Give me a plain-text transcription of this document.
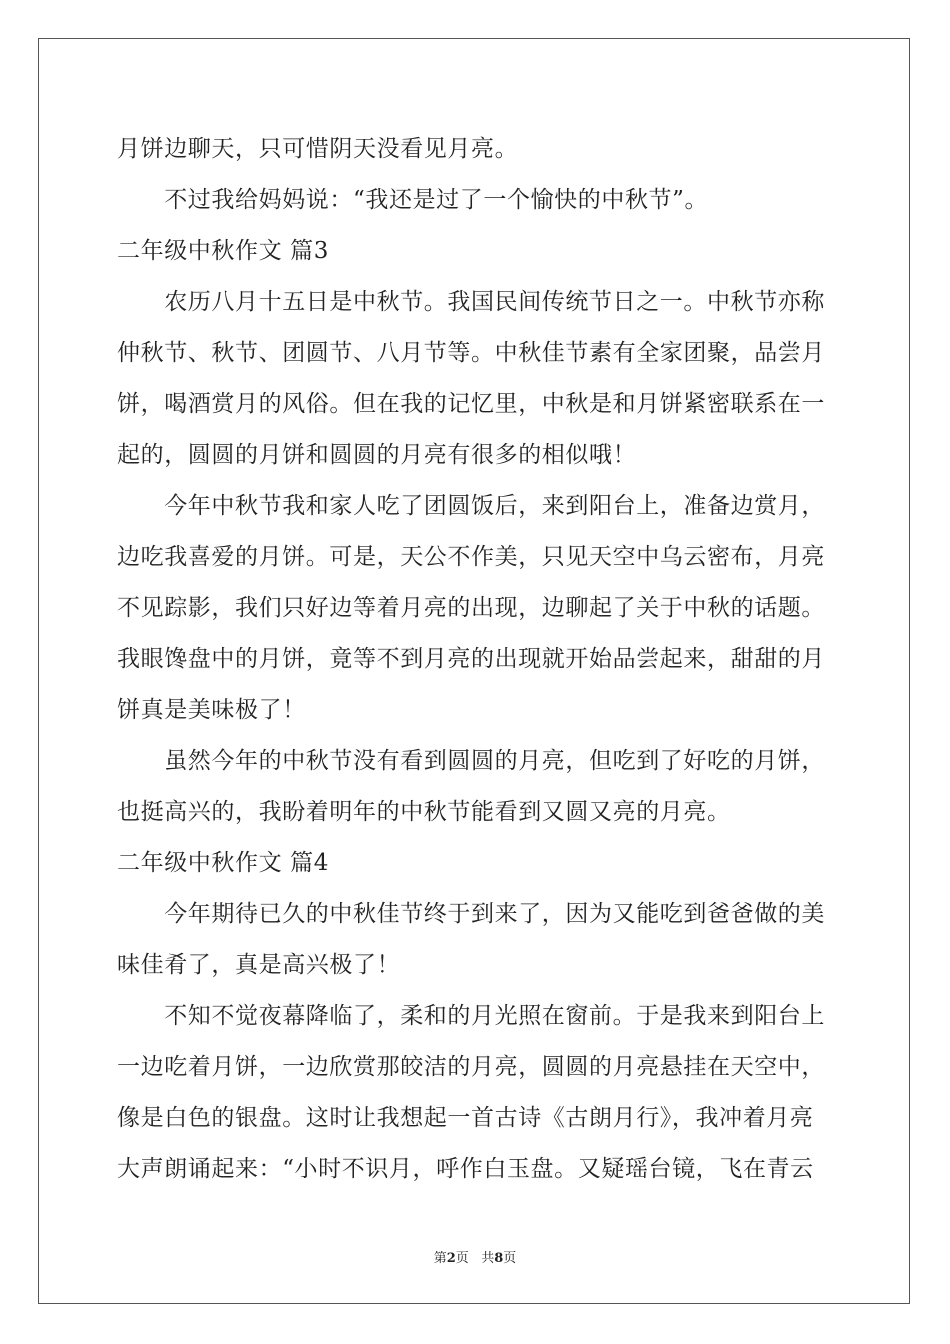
月饼边聊天，只可惜阴天没看见月亮。
　　不过我给妈妈说：“我还是过了一个愉快的中秋节”。
二年级中秋作文 篇3
　　农历八月十五日是中秋节。我国民间传统节日之一。中秋节亦称
仲秋节、秋节、团圆节、八月节等。中秋佳节素有全家团聚，品尝月
饼，喝酒赏月的风俗。但在我的记忆里，中秋是和月饼紧密联系在一
起的，圆圆的月饼和圆圆的月亮有很多的相似哦！
　　今年中秋节我和家人吃了团圆饭后，来到阳台上，准备边赏月，
边吃我喜爱的月饼。可是，天公不作美，只见天空中乌云密布，月亮
不见踪影，我们只好边等着月亮的出现，边聊起了关于中秋的话题。
我眼馋盘中的月饼，竟等不到月亮的出现就开始品尝起来，甜甜的月
饼真是美味极了！
　　虽然今年的中秋节没有看到圆圆的月亮，但吃到了好吃的月饼，
也挺高兴的，我盼着明年的中秋节能看到又圆又亮的月亮。
二年级中秋作文 篇4
　　今年期待已久的中秋佳节终于到来了，因为又能吃到爸爸做的美
味佳肴了，真是高兴极了！
　　不知不觉夜幕降临了，柔和的月光照在窗前。于是我来到阳台上
一边吃着月饼，一边欣赏那皎洁的月亮，圆圆的月亮悬挂在天空中，
像是白色的银盘。这时让我想起一首古诗《古朗月行》，我冲着月亮
大声朗诵起来：“小时不识月，呼作白玉盘。又疑瑶台镜，飞在青云
第2页 共8页
